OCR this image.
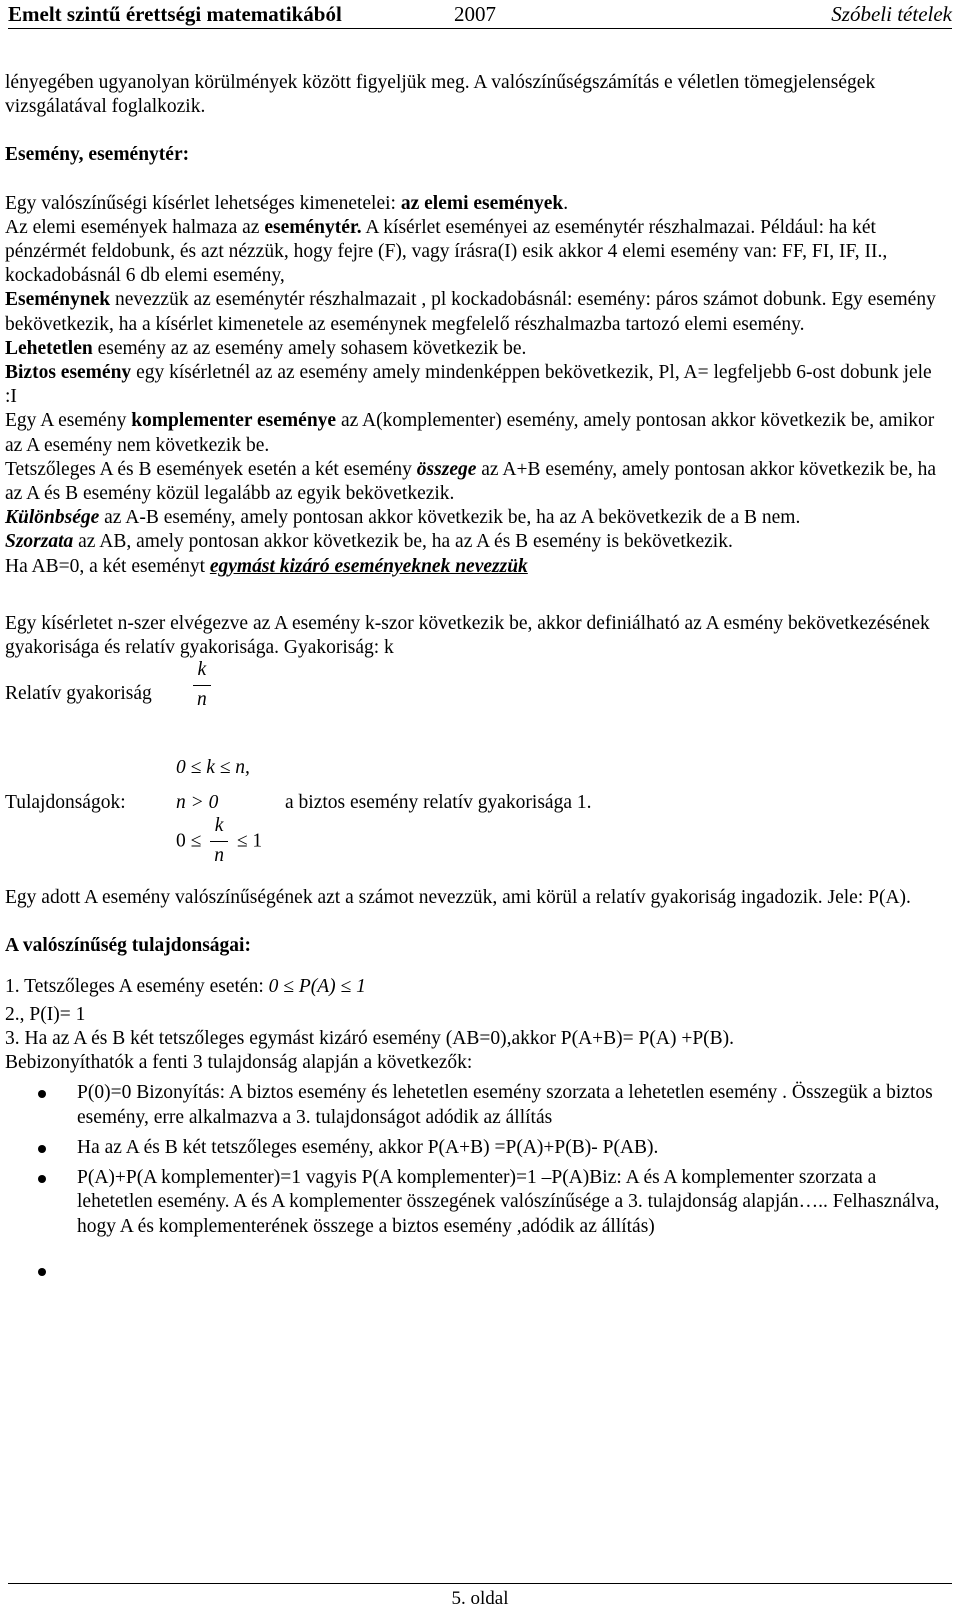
Emelt szintű érettségi matematikából	2007	Szóbeli tételek

lényegében ugyanolyan körülmények között figyeljük meg. A valószínűségszámítás e véletlen tömegjelenségek vizsgálatával foglalkozik.

Esemény, eseménytér:

Egy valószínűségi kísérlet lehetséges kimenetelei: az elemi események.
Az elemi események halmaza az eseménytér. A kísérlet eseményei az eseménytér részhalmazai. Például: ha két pénzérmét feldobunk, és azt nézzük, hogy fejre (F), vagy írásra(I) esik akkor 4 elemi esemény van: FF, FI, IF, II., kockadobásnál 6 db elemi esemény,

Eseménynek nevezzük az eseménytér részhalmazait , pl kockadobásnál: esemény: páros számot dobunk. Egy esemény bekövetkezik, ha a kísérlet kimenetele az eseménynek megfelelő részhalmazba tartozó elemi esemény.

Lehetetlen esemény az az esemény amely sohasem következik be.

Biztos esemény egy kísérletnél az az esemény amely mindenképpen bekövetkezik, Pl, A= legfeljebb 6-ost dobunk jele :I

Egy A esemény komplementer eseménye az A(komplementer) esemény, amely pontosan akkor következik be, amikor az A esemény nem következik be.

Tetszőleges A és B események esetén a két esemény összege az A+B esemény, amely pontosan akkor következik be, ha az A és B esemény közül legalább az egyik bekövetkezik.

Különbsége az A-B esemény, amely pontosan akkor következik be, ha az A bekövetkezik de a B nem.

Szorzata az AB, amely pontosan akkor következik be, ha az A és B esemény is bekövetkezik.

Ha AB=0, a két eseményt egymást kizáró eseményeknek nevezzük

Egy kísérletet n-szer elvégezve az A esemény k-szor következik be, akkor definiálható az A esmény bekövetkezésének gyakorisága és relatív gyakorisága. Gyakoriság: k

Relatív gyakoriság $\frac{k}{n}$
0 ≤ k ≤ n,
Tulajdonságok:	n > 0	a biztos esemény relatív gyakorisága 1.
$0 \le \frac{k}{n} \le 1$

Egy adott A esemény valószínűségének azt a számot nevezzük, ami körül a relatív gyakoriság ingadozik. Jele: P(A).

A valószínűség tulajdonságai:

1. Tetszőleges A esemény esetén: 0 ≤ P(A) ≤ 1

2., P(I)= 1

3. Ha az A és B két tetszőleges egymást kizáró esemény (AB=0),akkor P(A+B)= P(A) +P(B).

Bebizonyíthatók a fenti 3 tulajdonság alapján a következők:

P(0)=0 Bizonyítás: A biztos esemény és lehetetlen esemény szorzata a lehetetlen esemény . Összegük a biztos esemény, erre alkalmazva a 3. tulajdonságot adódik az állítás
Ha az A és B két tetszőleges esemény, akkor P(A+B) =P(A)+P(B)- P(AB).
P(A)+P(A komplementer)=1 vagyis P(A komplementer)=1 –P(A)Biz: A és A komplementer szorzata a lehetetlen esemény. A és A komplementer összegének valószínűsége a 3. tulajdonság alapján….. Felhasználva, hogy A és komplementerének összege a biztos esemény ,adódik az állítás)
5. oldal
